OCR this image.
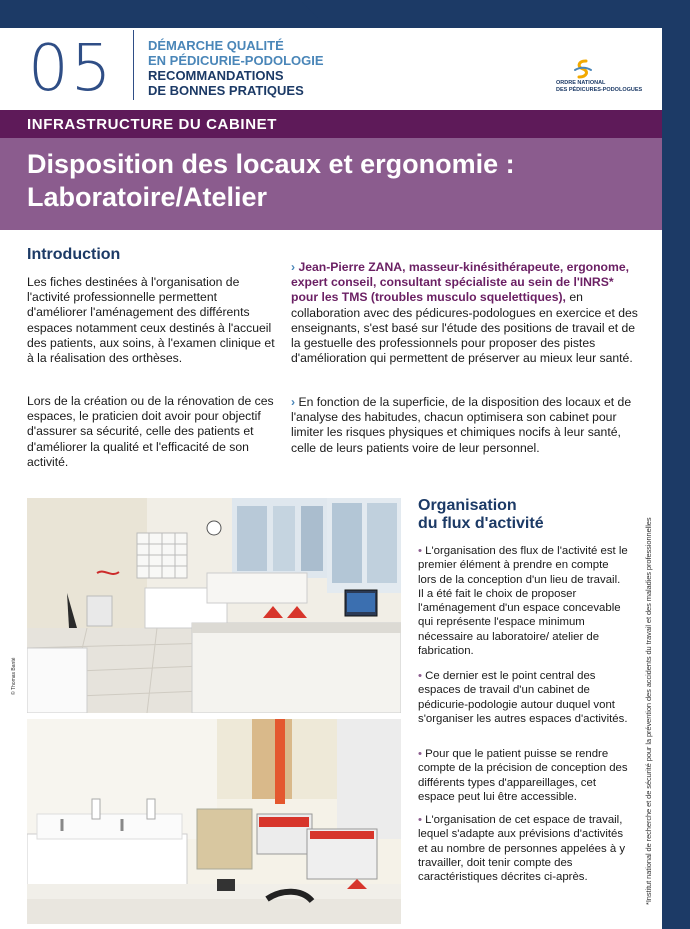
05	DÉMARCHE QUALITÉ
EN PÉDICURIE-PODOLOGIE
RECOMMANDATIONS
DE BONNES PRATIQUES	ORDRE NATIONAL
DES PÉDICURES-PODOLOGUES
INFRASTRUCTURE DU CABINET
Disposition des locaux et ergonomie :
Laboratoire/Atelier
Introduction
Les fiches destinées à l'organisation de l'activité professionnelle permettent d'améliorer l'aménagement des différents espaces notamment ceux destinés à l'accueil des patients, aux soins, à l'examen clinique et à la réalisation des orthèses.
Lors de la création ou de la rénovation de ces espaces, le praticien doit avoir pour objectif d'assurer sa sécurité, celle des patients et d'améliorer la qualité et l'efficacité de son activité.
› Jean-Pierre ZANA, masseur-kinésithérapeute, ergonome, expert conseil, consultant spécialiste au sein de l'INRS* pour les TMS (troubles musculo squelettiques), en collaboration avec des pédicures-podologues en exercice et des enseignants, s'est basé sur l'étude des positions de travail et de la gestuelle des professionnels pour proposer des pistes d'amélioration qui permettent de préserver au mieux leur santé.
› En fonction de la superficie, de la disposition des locaux et de l'analyse des habitudes, chacun optimisera son cabinet pour limiter les risques physiques et chimiques nocifs à leur santé, celle de leurs patients voire de leur personnel.
© Thomas Banté
Organisation
du flux d'activité
• L'organisation des flux de l'activité est le premier élément à prendre en compte lors de la conception d'un lieu de travail. Il a été fait le choix de proposer l'aménagement d'un espace concevable qui représente l'espace minimum nécessaire au laboratoire/ atelier de fabrication.
• Ce dernier est le point central des espaces de travail d'un cabinet de pédicurie-podologie autour duquel vont s'organiser les autres espaces d'activités.
• Pour que le patient puisse se rendre compte de la précision de conception des différents types d'appareillages, cet espace peut lui être accessible.
• L'organisation de cet espace de travail, lequel s'adapte aux prévisions d'activités et au nombre de personnes appelées à y travailler, doit tenir compte des caractéristiques décrites ci-après.	*Institut national de recherche et de sécurité pour la prévention des accidents du travail et des maladies professionnelles
